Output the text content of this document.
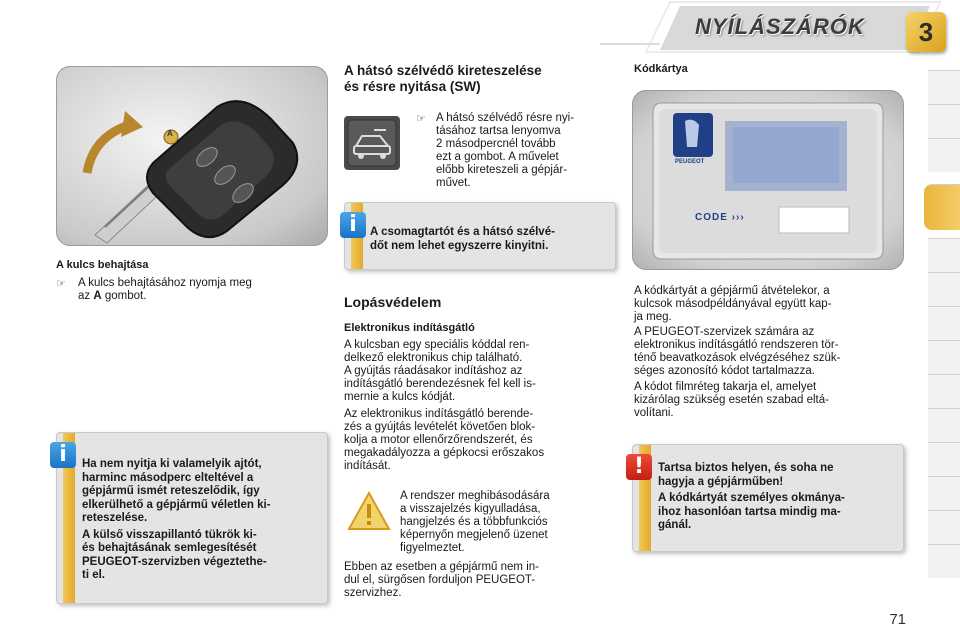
NYÍLÁSZÁRÓK	3
A
A kulcs behajtása
☞ A kulcs behajtásához nyomja meg
az A gombot.
i	Ha nem nyitja ki valamelyik ajtót,
harminc másodperc elteltével a
gépjármű ismét reteszelődik, így
elkerülhető a gépjármű véletlen ki-
reteszelése.
A külső visszapillantó tükrök ki-
és behajtásának semlegesítését
PEUGEOT-szervizben végeztethe-
ti el.
A hátsó szélvédő kireteszelése
és résre nyitása (SW)
☞ A hátsó szélvédő résre nyi-
tásához tartsa lenyomva
2 másodpercnél tovább
ezt a gombot. A művelet
előbb kireteszeli a gépjár-
művet.
i	A csomagtartót és a hátsó szélvé-
dőt nem lehet egyszerre kinyitni.
Lopásvédelem
Elektronikus indításgátló
A kulcsban egy speciális kóddal ren-
delkező elektronikus chip található.
A gyújtás ráadásakor indításhoz az
indításgátló berendezésnek fel kell is-
mernie a kulcs kódját.
Az elektronikus indításgátló berende-
zés a gyújtás levételét követően blok-
kolja a motor ellenőrzőrendszerét, és
megakadályozza a gépkocsi erőszakos
indítását.
A rendszer meghibásodására
a visszajelzés kigyulladása,
hangjelzés és a többfunkciós
képernyőn megjelenő üzenet
figyelmeztet.
Ebben az esetben a gépjármű nem in-
dul el, sürgősen forduljon PEUGEOT-
szervizhez.
Kódkártya
CODE ›››
PEUGEOT
A kódkártyát a gépjármű átvételekor, a
kulcsok másodpéldányával együtt kap-
ja meg.
A PEUGEOT-szervizek számára az
elektronikus indításgátló rendszeren tör-
ténő beavatkozások elvégzéséhez szük-
séges azonosító kódot tartalmazza.
A kódot filmréteg takarja el, amelyet
kizárólag szükség esetén szabad eltá-
volítani.
!	Tartsa biztos helyen, és soha ne
hagyja a gépjárműben!
A kódkártyát személyes okmánya-
ihoz hasonlóan tartsa mindig ma-
gánál.
71
